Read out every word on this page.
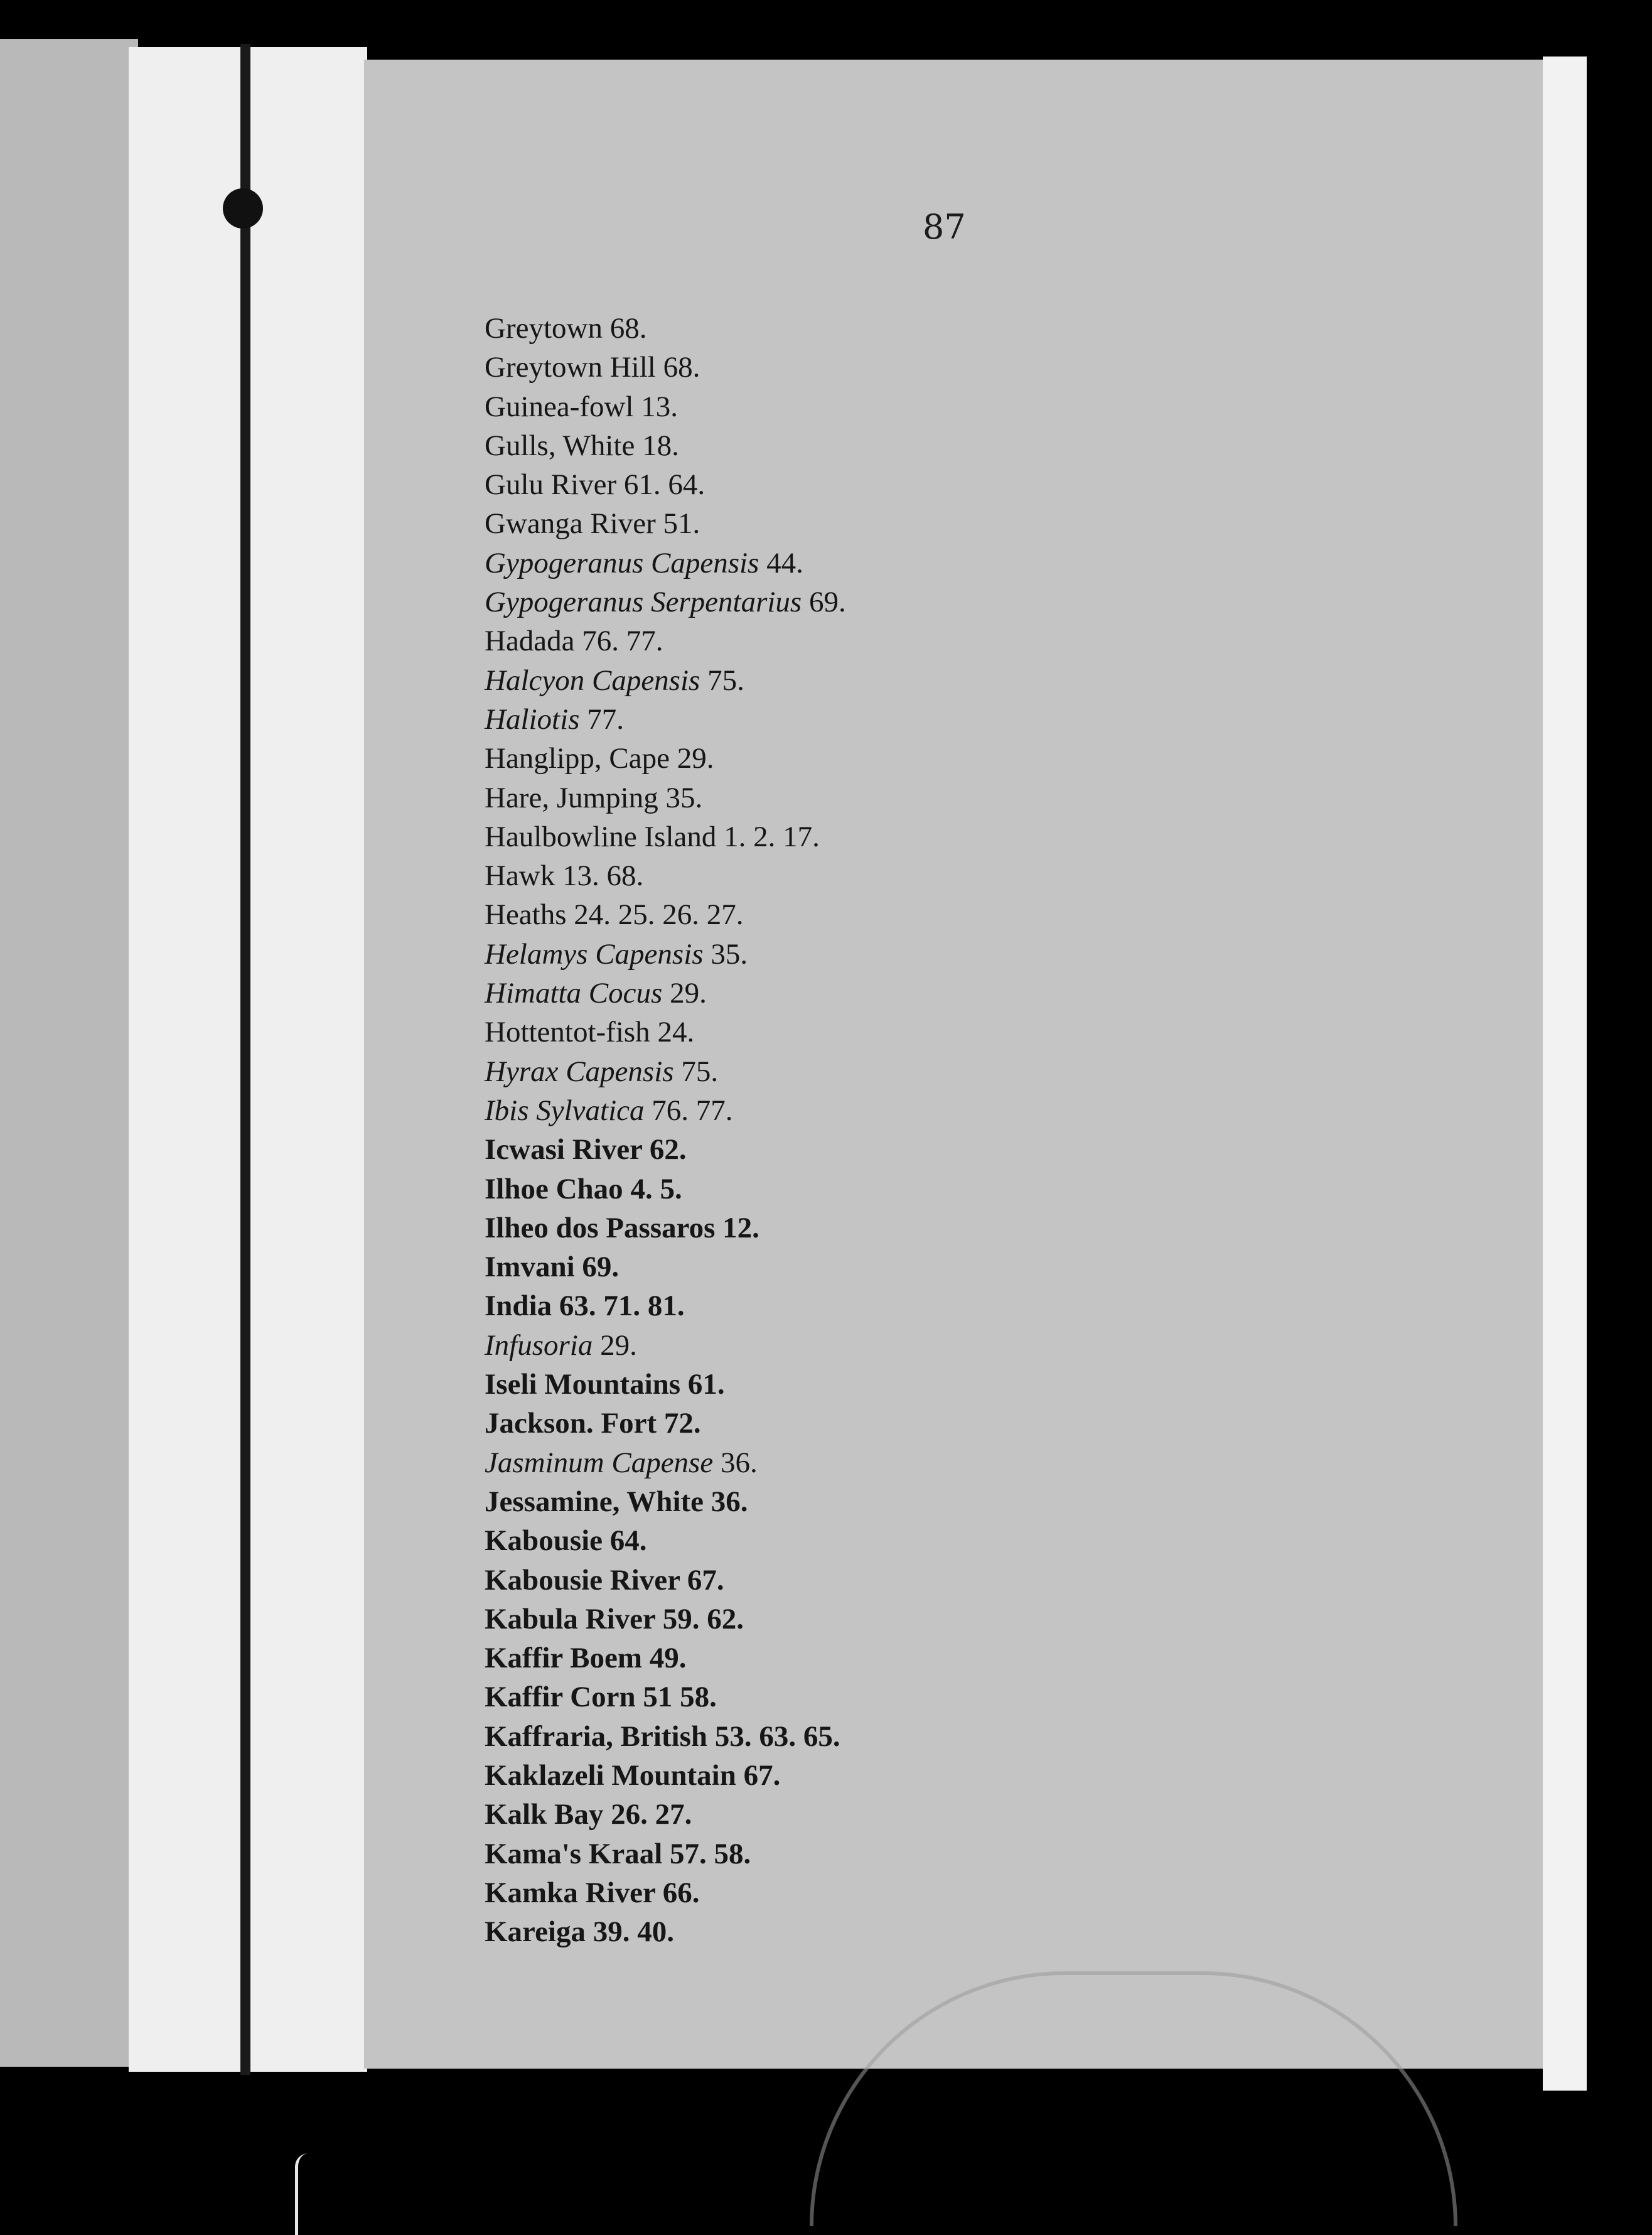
87
Greytown 68.
Greytown Hill 68.
Guinea-fowl 13.
Gulls, White 18.
Gulu River 61. 64.
Gwanga River 51.
Gypogeranus Capensis 44.
Gypogeranus Serpentarius 69.
Hadada 76. 77.
Halcyon Capensis 75.
Haliotis 77.
Hanglipp, Cape 29.
Hare, Jumping 35.
Haulbowline Island 1. 2. 17.
Hawk 13. 68.
Heaths 24. 25. 26. 27.
Helamys Capensis 35.
Himatta Cocus 29.
Hottentot-fish 24.
Hyrax Capensis 75.
Ibis Sylvatica 76. 77.
Icwasi River 62.
Ilhoe Chao 4. 5.
Ilheo dos Passaros 12.
Imvani 69.
India 63. 71. 81.
Infusoria 29.
Iseli Mountains 61.
Jackson. Fort 72.
Jasminum Capense 36.
Jessamine, White 36.
Kabousie 64.
Kabousie River 67.
Kabula River 59. 62.
Kaffir Boem 49.
Kaffir Corn 51 58.
Kaffraria, British 53. 63. 65.
Kaklazeli Mountain 67.
Kalk Bay 26. 27.
Kama's Kraal 57. 58.
Kamka River 66.
Kareiga 39. 40.
